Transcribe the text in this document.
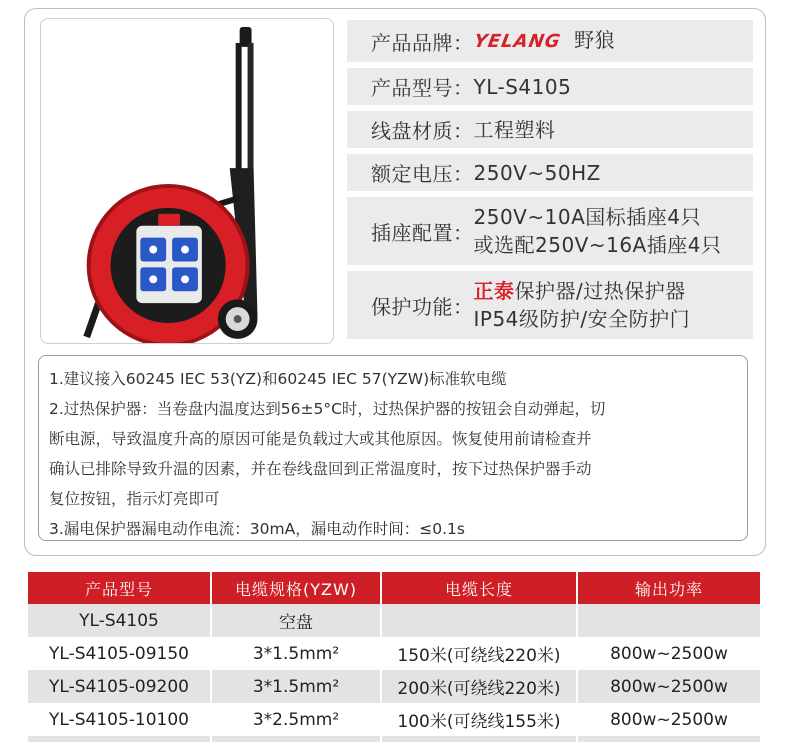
产品品牌：
YELANG 野狼
产品型号： YL-S4105
线盘材质： 工程塑料
额定电压： 250V~50HZ
插座配置：
250V~10A国标插座4只
或选配250V~16A插座4只
保护功能：
正泰保护器/过热保护器
IP54级防护/安全防护门

1.建议接入60245 IEC 53(YZ)和60245 IEC 57(YZW)标准软电缆

2.过热保护器：当卷盘内温度达到56±5°C时，过热保护器的按钮会自动弹起，切

断电源，导致温度升高的原因可能是负载过大或其他原因。恢复使用前请检查并

确认已排除导致升温的因素，并在卷线盘回到正常温度时，按下过热保护器手动

复位按钮，指示灯亮即可

3.漏电保护器漏电动作电流：30mA，漏电动作时间：≤0.1s

产品型号	电缆规格(YZW)	电缆长度	输出功率
YL-S4105	空盘		
YL-S4105-09150	3*1.5mm²	150米(可绕线220米)	800w~2500w
YL-S4105-09200	3*1.5mm²	200米(可绕线220米)	800w~2500w
YL-S4105-10100	3*2.5mm²	100米(可绕线155米)	800w~2500w
